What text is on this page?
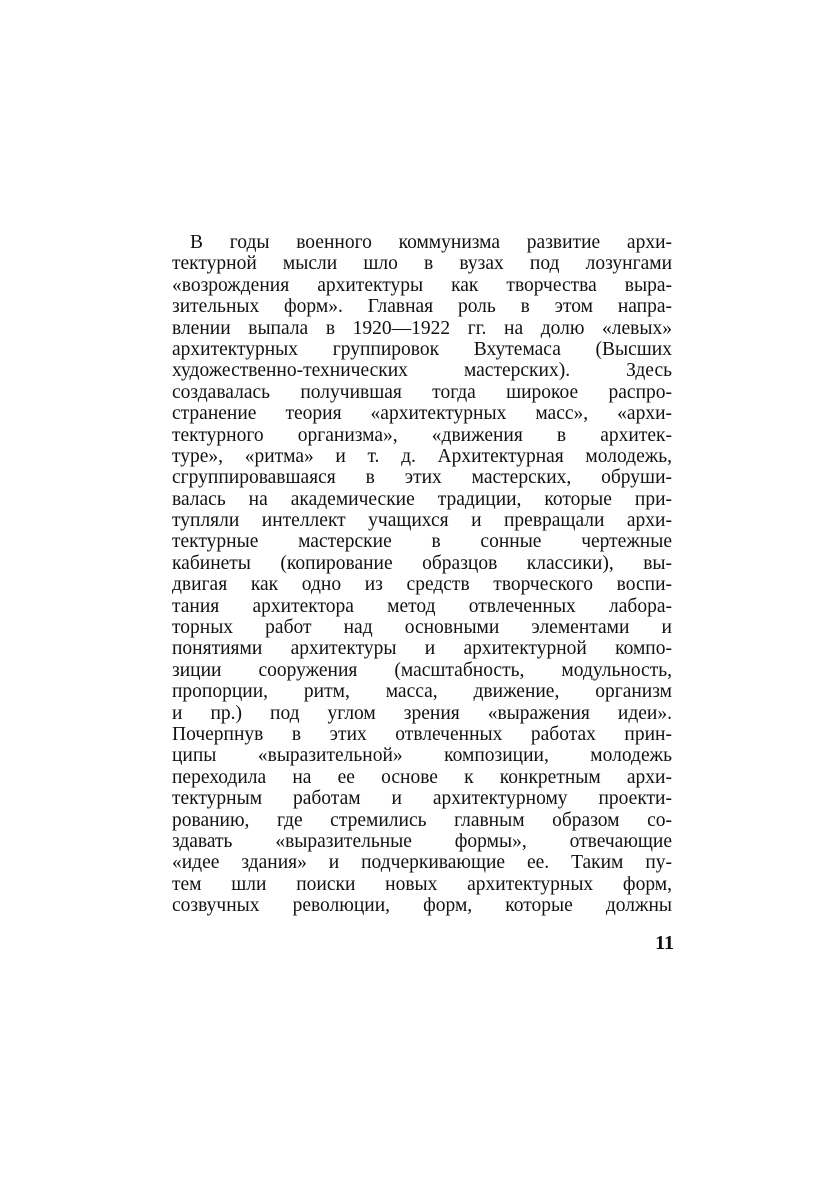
В годы военного коммунизма развитие архи-
тектурной мысли шло в вузах под лозунгами
«возрождения архитектуры как творчества выра-
зительных форм». Главная роль в этом напра-
влении выпала в 1920—1922 гг. на долю «левых»
архитектурных группировок Вхутемаса (Высших
художественно-технических мастерских). Здесь
создавалась получившая тогда широкое распро-
странение теория «архитектурных масс», «архи-
тектурного организма», «движения в архитек-
туре», «ритма» и т. д. Архитектурная молодежь,
сгруппировавшаяся в этих мастерских, обруши-
валась на академические традиции, которые при-
тупляли интеллект учащихся и превращали архи-
тектурные мастерские в сонные чертежные
кабинеты (копирование образцов классики), вы-
двигая как одно из средств творческого воспи-
тания архитектора метод отвлеченных лабора-
торных работ над основными элементами и
понятиями архитектуры и архитектурной компо-
зиции сооружения (масштабность, модульность,
пропорции, ритм, масса, движение, организм
и пр.) под углом зрения «выражения идеи».
Почерпнув в этих отвлеченных работах прин-
ципы «выразительной» композиции, молодежь
переходила на ее основе к конкретным архи-
тектурным работам и архитектурному проекти-
рованию, где стремились главным образом со-
здавать «выразительные формы», отвечающие
«идее здания» и подчеркивающие ее. Таким пу-
тем шли поиски новых архитектурных форм,
созвучных революции, форм, которые должны
11
